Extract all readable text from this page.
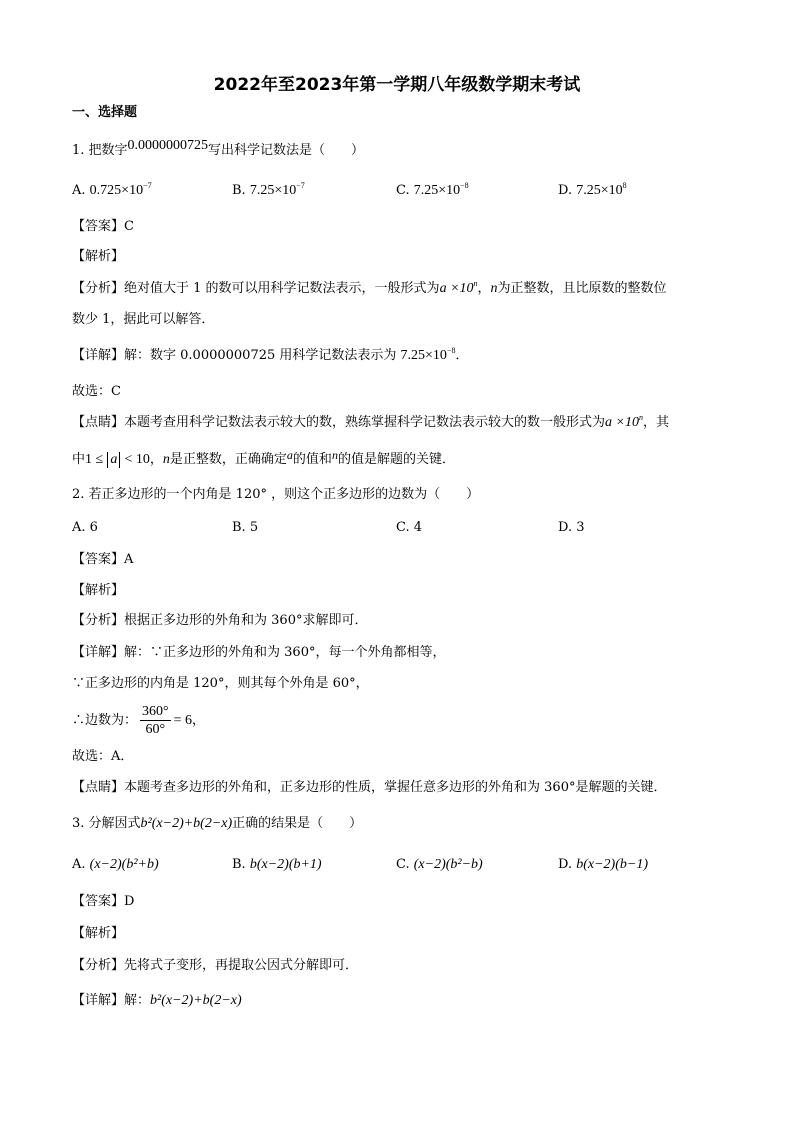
2022年至2023年第一学期八年级数学期末考试
一、选择题
1. 把数字0.0000000725写出科学记数法是（　　）
A. $0.725\times 10^{-7}$	B. $7.25\times 10^{-7}$	C. $7.25\times 10^{-8}$	D. $7.25\times 10^8$
【答案】C
【解析】
【分析】绝对值大于 1 的数可以用科学记数法表示，一般形式为$a \times 10^n$，n为正整数，且比原数的整数位
数少 1，据此可以解答．
【详解】解：数字 0.0000000725 用科学记数法表示为 $7.25\times 10^{-8}$．
故选：C
【点睛】本题考查用科学记数法表示较大的数，熟练掌握科学记数法表示较大的数一般形式为$a \times 10^n$，其
中1 ≤ a < 10，n是正整数，正确确定a的值和n的值是解题的关键．
2. 若正多边形的一个内角是 120° ，则这个正多边形的边数为（　　）
A. 6	B. 5	C. 4	D. 3
【答案】A
【解析】
【分析】根据正多边形的外角和为 360°求解即可．
【详解】解：∵正多边形的外角和为 360°，每一个外角都相等，
∵正多边形的内角是 120°，则其每个外角是 60°，
∴边数为： $\frac{360^\circ}{60^\circ} = 6$，
故选：A．
【点睛】本题考查多边形的外角和，正多边形的性质，掌握任意多边形的外角和为 360°是解题的关键．
3. 分解因式b²(x−2)+b(2−x)正确的结果是（　　）
A. (x−2)(b²+b)	B. b(x−2)(b+1)	C. (x−2)(b²−b)	D. b(x−2)(b−1)
【答案】D
【解析】
【分析】先将式子变形，再提取公因式分解即可．
【详解】解：b²(x−2)+b(2−x)
